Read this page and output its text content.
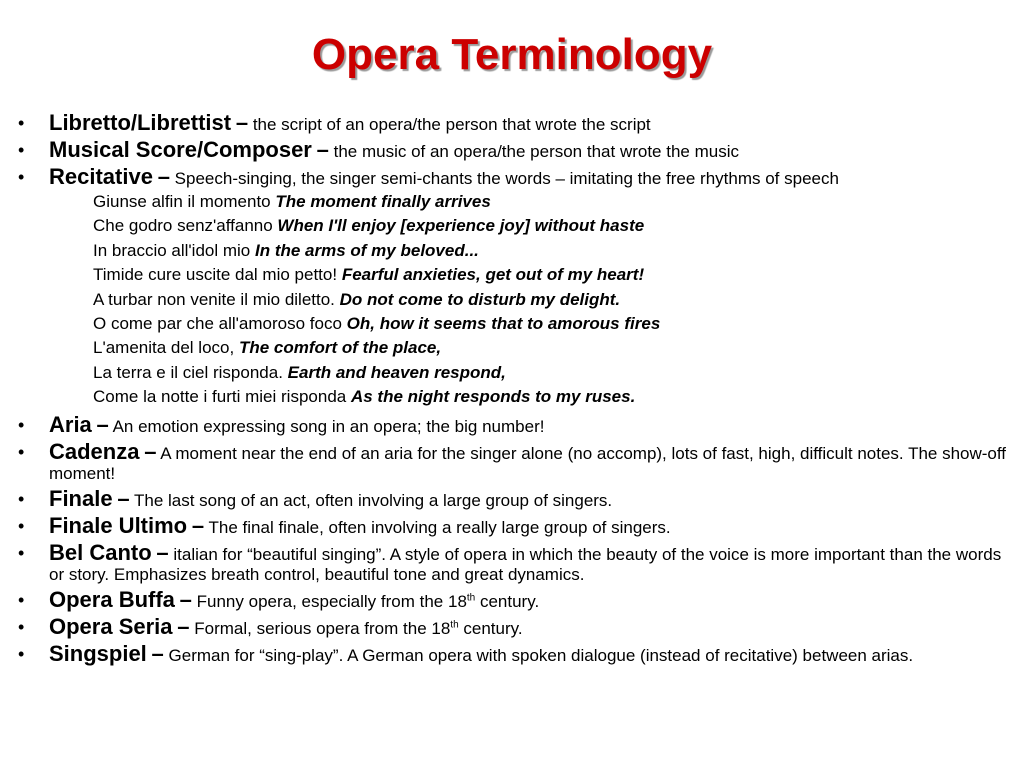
Opera Terminology
• Libretto/Librettist – the script of an opera/the person that wrote the script
• Musical Score/Composer – the music of an opera/the person that wrote the music
• Recitative – Speech-singing, the singer semi-chants the words – imitating the free rhythms of speech
Giunse alfin il momento The moment finally arrives
Che godro senz'affanno When I'll enjoy [experience joy] without haste
In braccio all'idol mio In the arms of my beloved...
Timide cure uscite dal mio petto! Fearful anxieties, get out of my heart!
A turbar non venite il mio diletto. Do not come to disturb my delight.
O come par che all'amoroso foco Oh, how it seems that to amorous fires
L'amenita del loco, The comfort of the place,
La terra e il ciel risponda. Earth and heaven respond,
Come la notte i furti miei risponda As the night responds to my ruses.
• Aria – An emotion expressing song in an opera; the big number!
• Cadenza – A moment near the end of an aria for the singer alone (no accomp), lots of fast, high, difficult notes. The show-off moment!
• Finale – The last song of an act, often involving a large group of singers.
• Finale Ultimo – The final finale, often involving a really large group of singers.
• Bel Canto – italian for “beautiful singing”. A style of opera in which the beauty of the voice is more important than the words or story. Emphasizes breath control, beautiful tone and great dynamics.
• Opera Buffa – Funny opera, especially from the 18th century.
• Opera Seria – Formal, serious opera from the 18th century.
• Singspiel – German for “sing-play”. A German opera with spoken dialogue (instead of recitative) between arias.
